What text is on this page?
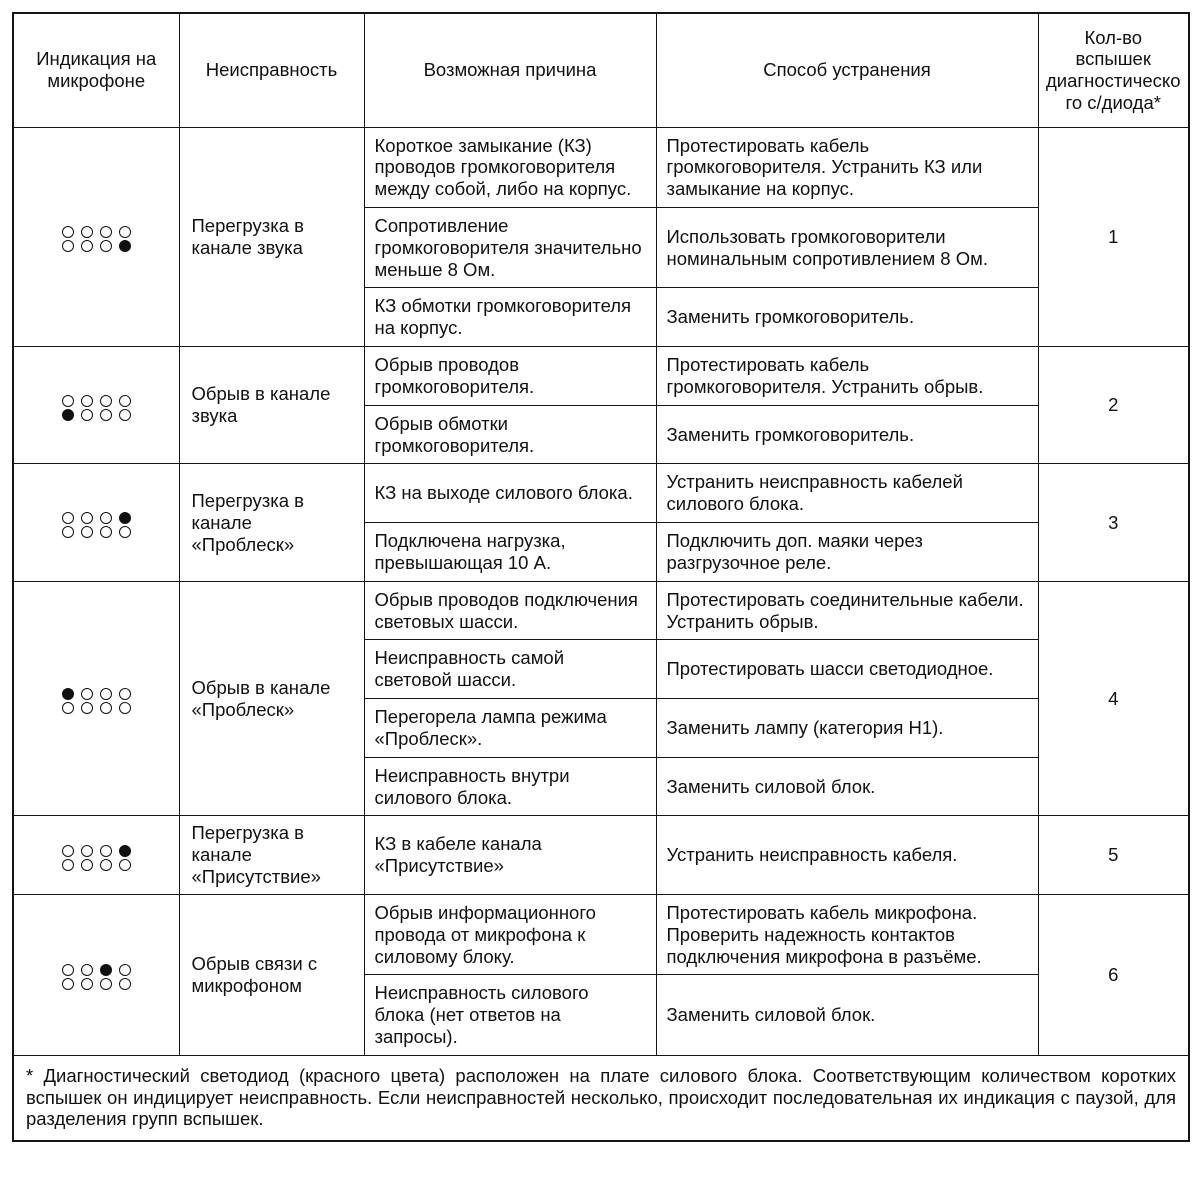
Индикация на микрофоне	Неисправность	Возможная причина	Способ устранения	Кол-во вспышек диагностического с/диода*

	Перегрузка в канале звука	Короткое замыкание (КЗ) проводов громкоговорителя между собой, либо на корпус.	Протестировать кабель громкоговорителя. Устранить КЗ или замыкание на корпус.	1
		Сопротивление громкоговорителя значительно меньше 8 Ом.	Использовать громкоговорители номинальным сопротивлением 8 Ом.	
		КЗ обмотки громкоговорителя на корпус.	Заменить громкоговоритель.	

	Обрыв в канале звука	Обрыв проводов громкоговорителя.	Протестировать кабель громкоговорителя. Устранить обрыв.	2
		Обрыв обмотки громкоговорителя.	Заменить громкоговоритель.	

	Перегрузка в канале «Проблеск»	КЗ на выходе силового блока.	Устранить неисправность кабелей силового блока.	3
		Подключена нагрузка, превышающая 10 А.	Подключить доп. маяки через разгрузочное реле.	

	Обрыв в канале «Проблеск»	Обрыв проводов подключения световых шасси.	Протестировать соединительные кабели. Устранить обрыв.	4
		Неисправность самой световой шасси.	Протестировать шасси светодиодное.	
		Перегорела лампа режима «Проблеск».	Заменить лампу (категория Н1).	
		Неисправность внутри силового блока.	Заменить силовой блок.	

	Перегрузка в канале «Присутствие»	КЗ в кабеле канала «Присутствие»	Устранить неисправность кабеля.	5

	Обрыв связи с микрофоном	Обрыв информационного провода от микрофона к силовому блоку.	Протестировать кабель микрофона. Проверить надежность контактов подключения микрофона в разъёме.	6
		Неисправность силового блока (нет ответов на запросы).	Заменить силовой блок.	
* Диагностический светодиод (красного цвета) расположен на плате силового блока. Соответствующим количеством коротких вспышек он индицирует неисправность. Если неисправностей несколько, происходит последовательная их индикация с паузой, для разделения групп вспышек.				
